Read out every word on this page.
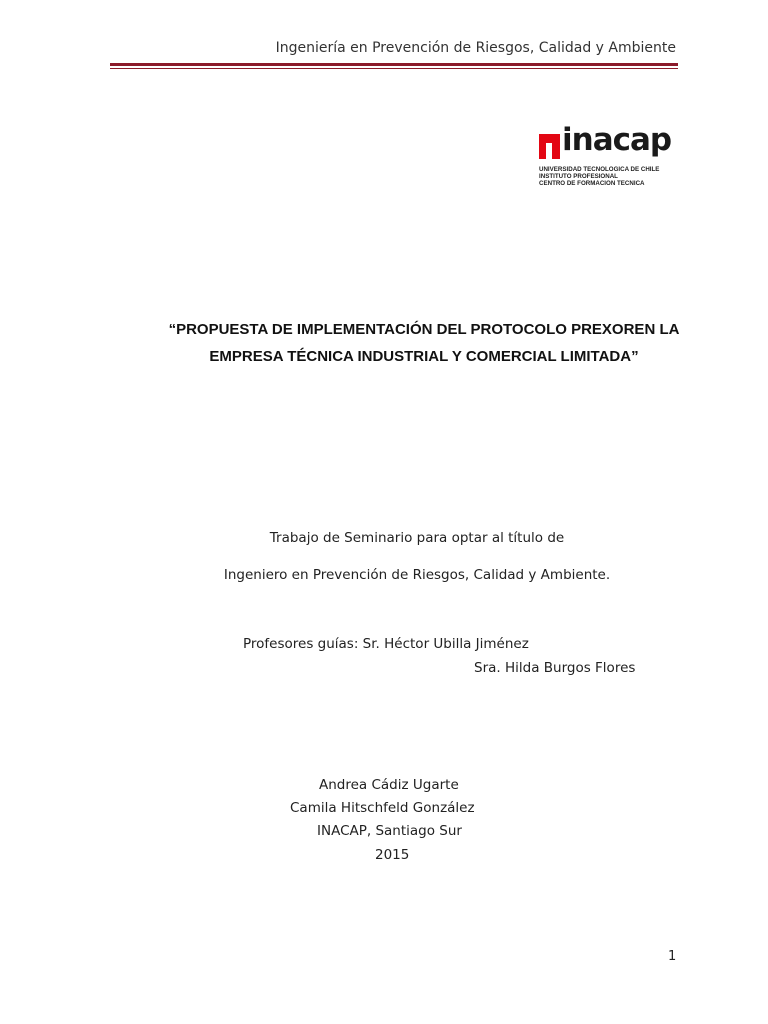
Ingeniería en Prevención de Riesgos, Calidad y Ambiente
inacap
UNIVERSIDAD TECNOLOGICA DE CHILE
INSTITUTO PROFESIONAL
CENTRO DE FORMACION TECNICA
“PROPUESTA DE IMPLEMENTACIÓN DEL PROTOCOLO PREXOREN LA
EMPRESA TÉCNICA INDUSTRIAL Y COMERCIAL LIMITADA”
Trabajo de Seminario para optar al título de
Ingeniero en Prevención de Riesgos, Calidad y Ambiente.
Profesores guías: Sr. Héctor Ubilla Jiménez
Sra. Hilda Burgos Flores
Andrea Cádiz Ugarte
Camila Hitschfeld González
INACAP, Santiago Sur
2015
1
